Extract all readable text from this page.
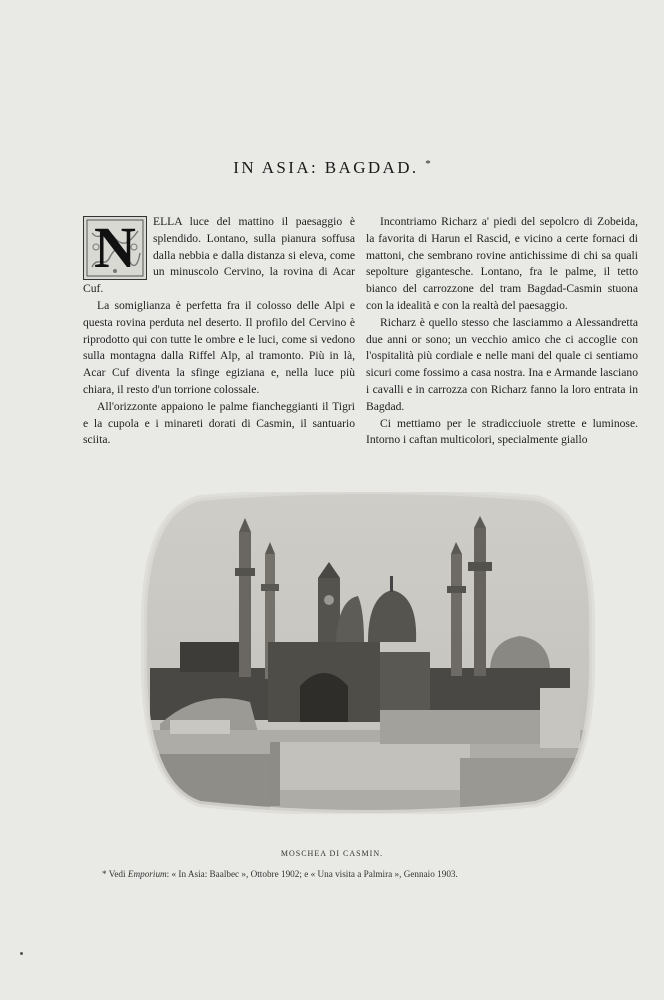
IN ASIA: BAGDAD. *

N ELLA luce del mattino il paesaggio è splendido. Lontano, sulla pianura soffusa dalla nebbia e dalla distanza si eleva, come un minuscolo Cervino, la rovina di Acar Cuf.

La somiglianza è perfetta fra il colosso delle Alpi e questa rovina perduta nel deserto. Il profilo del Cervino è riprodotto qui con tutte le ombre e le luci, come si vedono sulla montagna dalla Riffel Alp, al tramonto. Più in là, Acar Cuf diventa la sfinge egiziana e, nella luce più chiara, il resto d'un torrione colossale.

All'orizzonte appaiono le palme fiancheggianti il Tigri e la cupola e i minareti dorati di Casmin, il santuario sciita.

Incontriamo Richarz a' piedi del sepolcro di Zobeida, la favorita di Harun el Rascid, e vicino a certe fornaci di mattoni, che sembrano rovine antichissime di chi sa quali sepolture gigantesche. Lontano, fra le palme, il tetto bianco del carrozzone del tram Bagdad-Casmin stuona con la idealità e con la realtà del paesaggio.

Richarz è quello stesso che lasciammo a Alessandretta due anni or sono; un vecchio amico che ci accoglie con l'ospitalità più cordiale e nelle mani del quale ci sentiamo sicuri come fossimo a casa nostra. Ina e Armande lasciano i cavalli e in carrozza con Richarz fanno la loro entrata in Bagdad.

Ci mettiamo per le stradicciuole strette e luminose. Intorno i caftan multicolori, specialmente giallo

MOSCHEA DI CASMIN.
* Vedi Emporium: « In Asia: Baalbec », Ottobre 1902; e « Una visita a Palmira », Gennaio 1903.
